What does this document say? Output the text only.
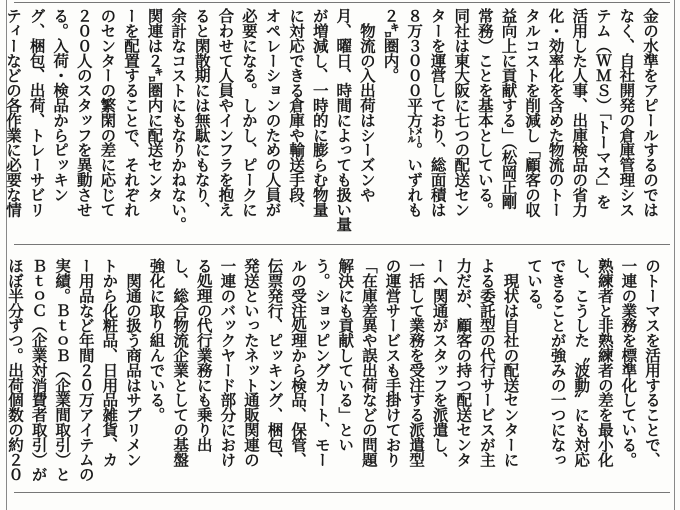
金の水準をアピールするのでは
なく、自社開発の倉庫管理シス
テム（ＷＭＳ）「トーマス」を
活用した人事、出庫検品の省力
化・効率化を含めた物流のトー
タルコストを削減し「顧客の収
益向上に貢献する」（松岡正剛
常務）ことを基本としている。
同社は東大阪に七つの配送セン
ターを運営しており、総面積は
８万３０００平方㍍。いずれも
２㌔圏内。
　物流の入出荷はシーズンや
月、曜日、時間によっても扱い量
が増減し、一時的に膨らむ物量
に対応できる倉庫や輸送手段、
オペレーションのための人員が
必要になる。しかし、ピークに
合わせて人員やインフラを抱え
ると閑散期には無駄にもなり、
余計なコストにもなりかねない。
関連は２㌔圏内に配送センタ
ーを配置することで、それぞれ
のセンターの繁閑の差に応じて
２００人のスタッフを異動させ
る。入荷・検品からピッキン
グ、梱包、出荷、トレーサビリ
ティーなどの各作業に必要な情
のトーマスを活用することで、
一連の業務を標準化している。
熟練者と非熟練者の差を最小化
し、こうした〝波動〟にも対応
できることが強みの一つになっ
ている。
　現状は自社の配送センターに
よる委託型の代行サービスが主
力だが、顧客の持つ配送センタ
ーへ関通がスタッフを派遣し、
一括して業務を受注する派遣型
の運営サービスも手掛けており
「在庫差異や誤出荷などの問題
解決にも貢献している」とい
う。ショッピングカート、モー
ルの受注処理から検品、保管、
伝票発行、ピッキング、梱包、
発送といったネット通販関連の
一連のバックヤード部分におけ
る処理の代行業務にも乗り出
し、総合物流企業としての基盤
強化に取り組んでいる。
　関通の扱う商品はサプリメン
トから化粧品、日用品雑貨、カ
ー用品など年間２０万アイテムの
実績。ＢｔｏＢ（企業間取引）と
ＢｔｏＣ（企業対消費者取引）が
ほぼ半分ずつ。出荷個数の約２０
